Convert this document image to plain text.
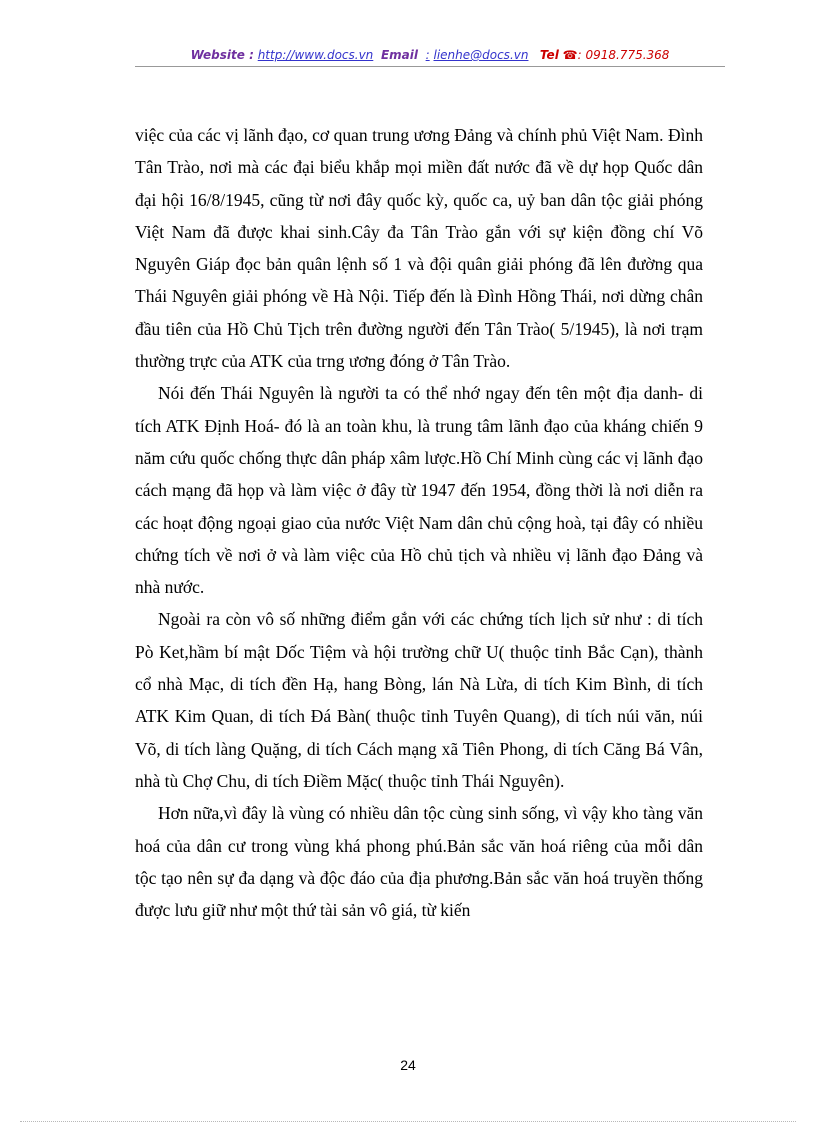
Website : http://www.docs.vn Email : lienhe@docs.vn Tel ☎: 0918.775.368

việc của các vị lãnh đạo, cơ quan trung ương Đảng và chính phủ Việt Nam. Đình Tân Trào, nơi mà các đại biểu khắp mọi miền đất nước đã về dự họp Quốc dân đại hội 16/8/1945, cũng từ nơi đây quốc kỳ, quốc ca, uỷ ban dân tộc giải phóng Việt Nam đã được khai sinh.Cây đa Tân Trào gắn với sự kiện đồng chí Võ Nguyên Giáp đọc bản quân lệnh số 1 và đội quân giải phóng đã lên đường qua Thái Nguyên giải phóng về Hà Nội. Tiếp đến là Đình Hồng Thái, nơi dừng chân đầu tiên của Hồ Chủ Tịch trên đường người đến Tân Trào( 5/1945), là nơi trạm thường trực của ATK của trng ương đóng ở Tân Trào.

Nói đến Thái Nguyên là người ta có thể nhớ ngay đến tên một địa danh- di tích ATK Định Hoá- đó là an toàn khu, là trung tâm lãnh đạo của kháng chiến 9 năm cứu quốc chống thực dân pháp xâm lược.Hồ Chí Minh cùng các vị lãnh đạo cách mạng đã họp và làm việc ở đây từ 1947 đến 1954, đồng thời là nơi diễn ra các hoạt động ngoại giao của nước Việt Nam dân chủ cộng hoà, tại đây có nhiều chứng tích về nơi ở và làm việc của Hồ chủ tịch và nhiều vị lãnh đạo Đảng và nhà nước.

Ngoài ra còn vô số những điểm gắn với các chứng tích lịch sử như : di tích Pò Ket,hầm bí mật Dốc Tiệm và hội trường chữ U( thuộc tỉnh Bắc Cạn), thành cổ nhà Mạc, di tích đền Hạ, hang Bòng, lán Nà Lừa, di tích Kim Bình, di tích ATK Kim Quan, di tích Đá Bàn( thuộc tỉnh Tuyên Quang), di tích núi văn, núi Võ, di tích làng Quặng, di tích Cách mạng xã Tiên Phong, di tích Căng Bá Vân, nhà tù Chợ Chu, di tích Điềm Mặc( thuộc tỉnh Thái Nguyên).

Hơn nữa,vì đây là vùng có nhiều dân tộc cùng sinh sống, vì vậy kho tàng văn hoá của dân cư trong vùng khá phong phú.Bản sắc văn hoá riêng của mỗi dân tộc tạo nên sự đa dạng và độc đáo của địa phương.Bản sắc văn hoá truyền thống được lưu giữ như một thứ tài sản vô giá, từ kiến

24
